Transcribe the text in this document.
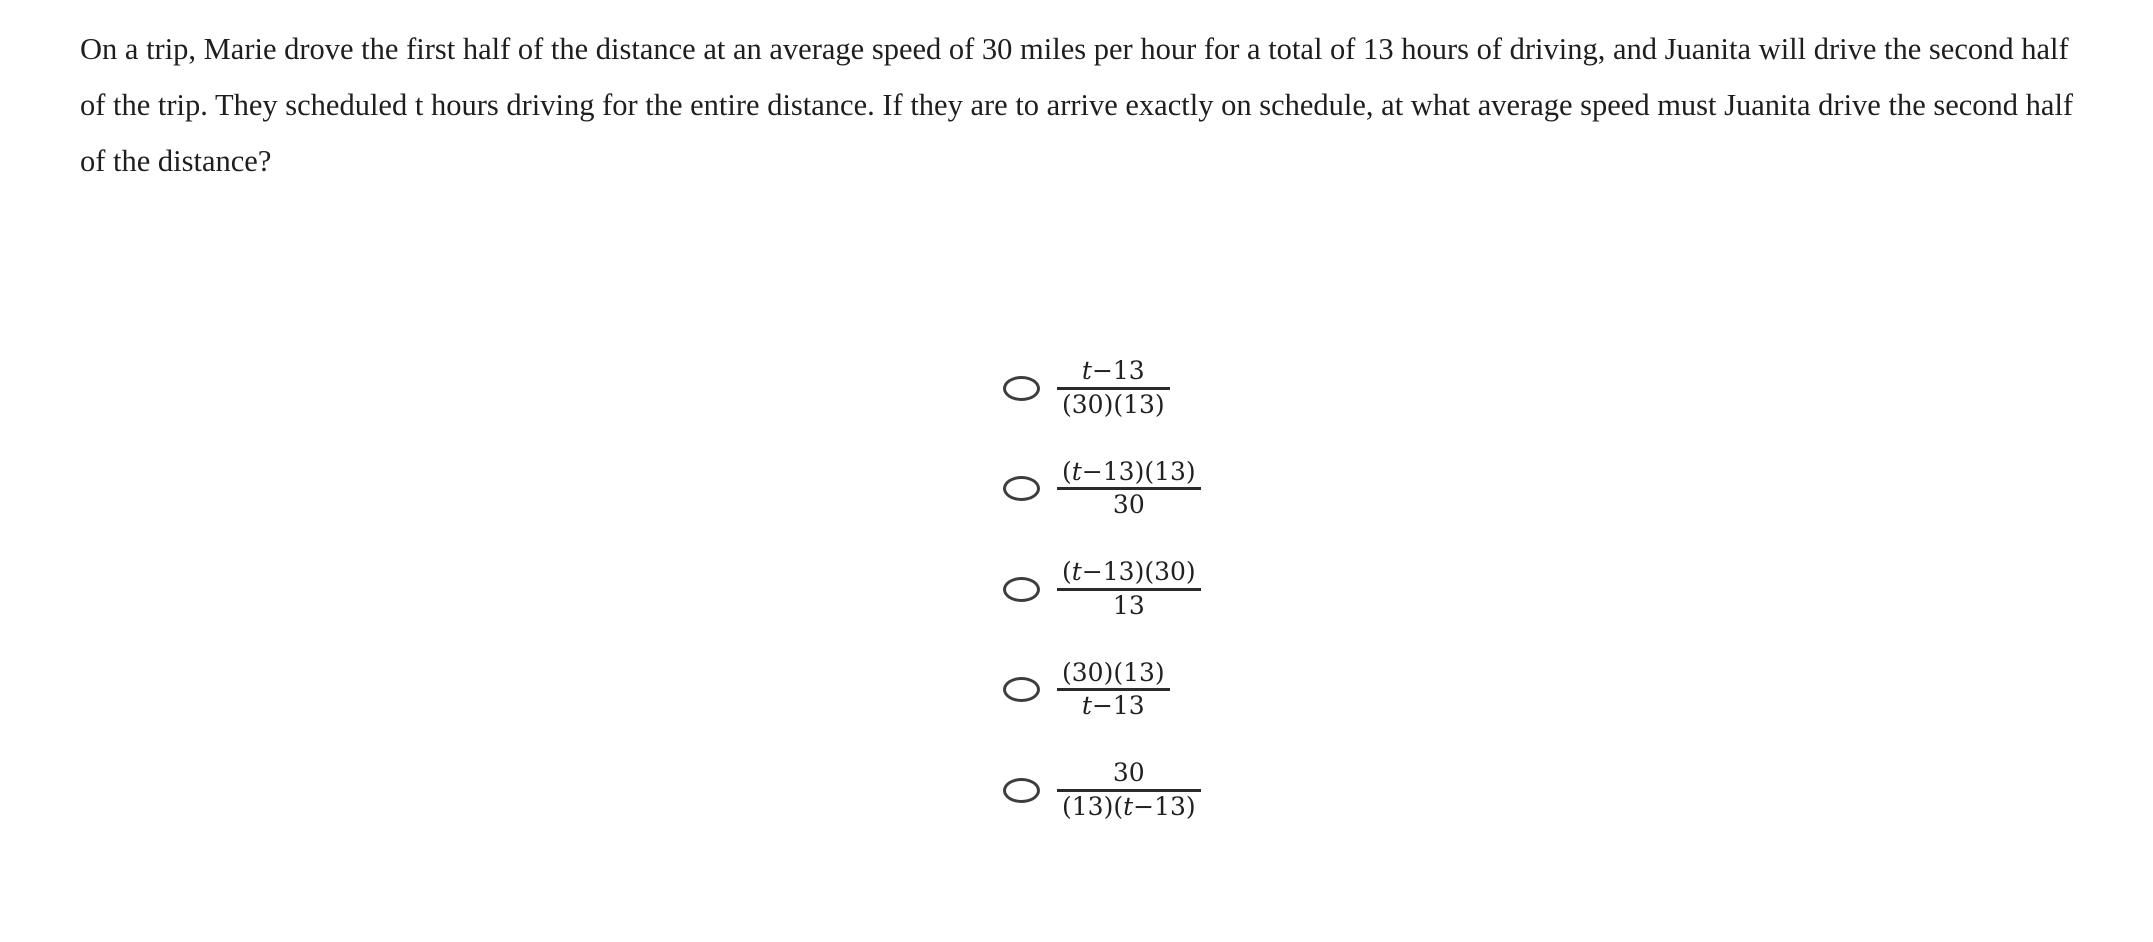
On a trip, Marie drove the first half of the distance at an average speed of 30 miles per hour for a total of 13 hours of driving, and Juanita will drive the second half of the trip. They scheduled t hours driving for the entire distance. If they are to arrive exactly on schedule, at what average speed must Juanita drive the second half of the distance?

$\frac{t-13}{(30)(13)}$
$\frac{(t-13)(13)}{30}$
$\frac{(t-13)(30)}{13}$
$\frac{(30)(13)}{t-13}$
$\frac{30}{(13)(t-13)}$
